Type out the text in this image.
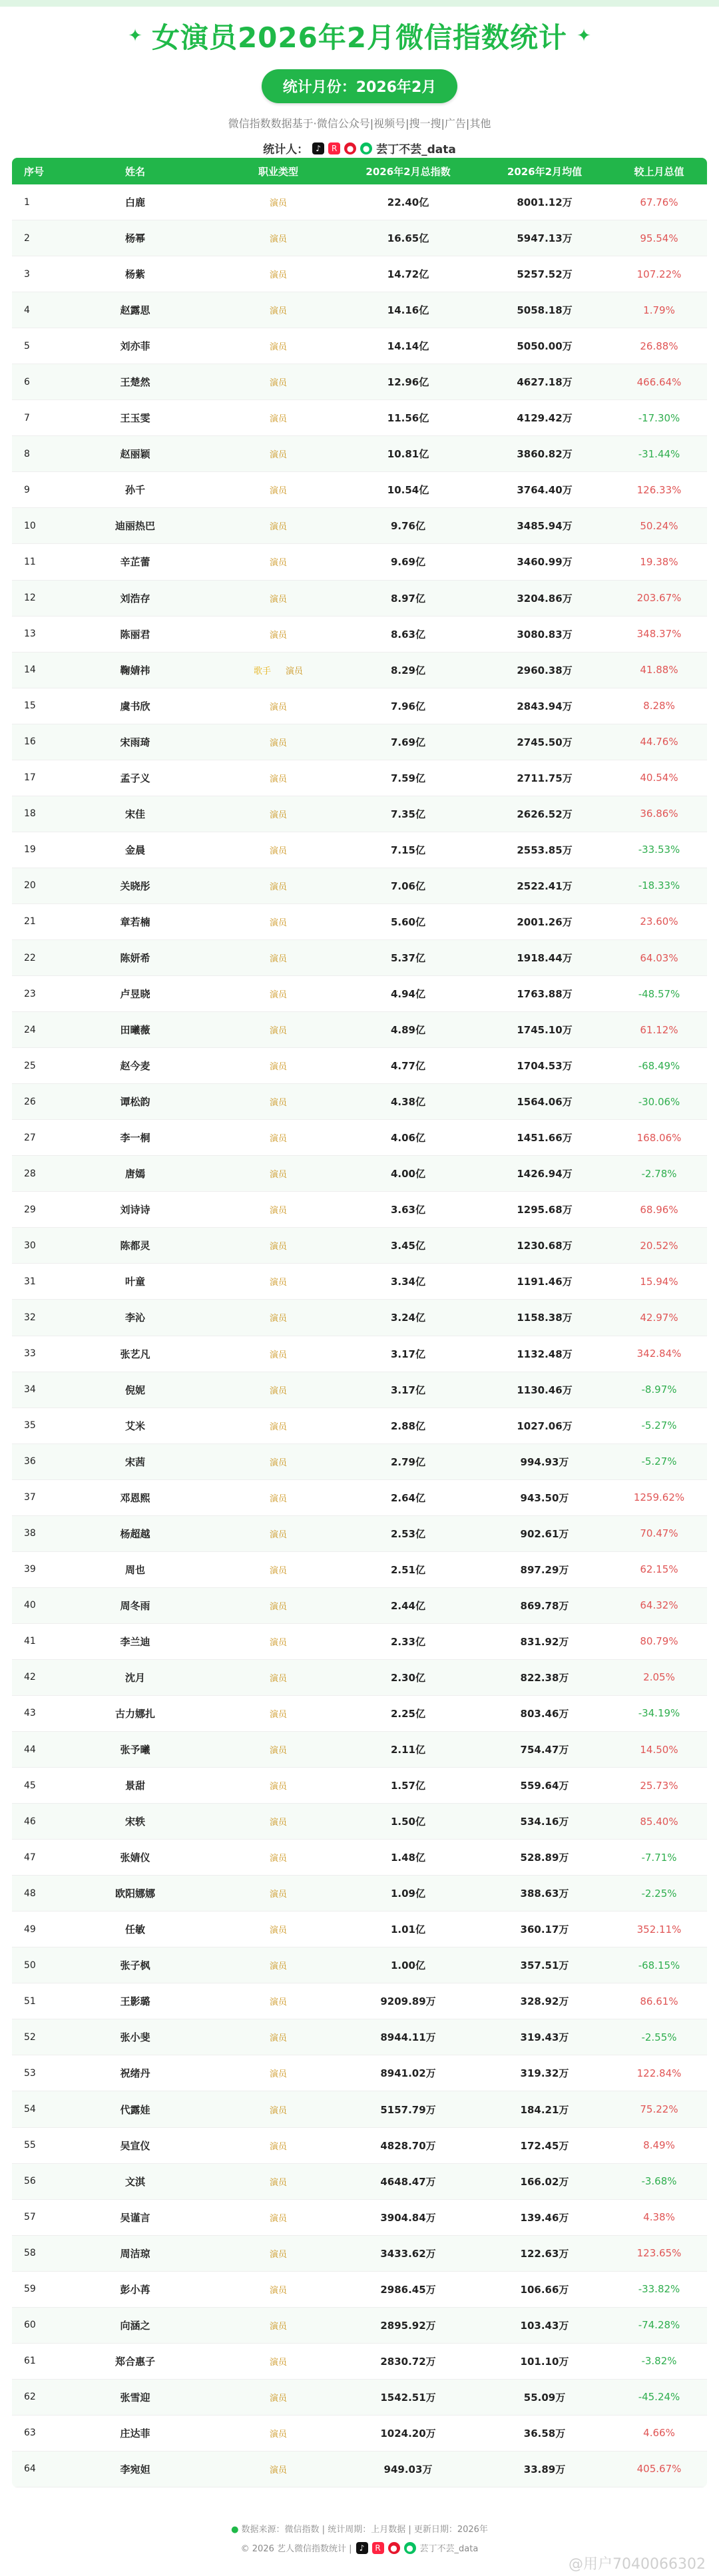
✦ 女演员2026年2月微信指数统计 ✦
统计月份：2026年2月
微信指数数据基于·微信公众号|视频号|搜一搜|广告|其他
统计人： ♪	R	●	● 芸丁不芸_data
序号	姓名	职业类型	2026年2月总指数	2026年2月均值	较上月总值
1	白鹿	演员	22.40亿	8001.12万	67.76%
2	杨幂	演员	16.65亿	5947.13万	95.54%
3	杨紫	演员	14.72亿	5257.52万	107.22%
4	赵露思	演员	14.16亿	5058.18万	1.79%
5	刘亦菲	演员	14.14亿	5050.00万	26.88%
6	王楚然	演员	12.96亿	4627.18万	466.64%
7	王玉雯	演员	11.56亿	4129.42万	-17.30%
8	赵丽颖	演员	10.81亿	3860.82万	-31.44%
9	孙千	演员	10.54亿	3764.40万	126.33%
10	迪丽热巴	演员	9.76亿	3485.94万	50.24%
11	辛芷蕾	演员	9.69亿	3460.99万	19.38%
12	刘浩存	演员	8.97亿	3204.86万	203.67%
13	陈丽君	演员	8.63亿	3080.83万	348.37%
14	鞠婧祎	歌手 演员	8.29亿	2960.38万	41.88%
15	虞书欣	演员	7.96亿	2843.94万	8.28%
16	宋雨琦	演员	7.69亿	2745.50万	44.76%
17	孟子义	演员	7.59亿	2711.75万	40.54%
18	宋佳	演员	7.35亿	2626.52万	36.86%
19	金晨	演员	7.15亿	2553.85万	-33.53%
20	关晓彤	演员	7.06亿	2522.41万	-18.33%
21	章若楠	演员	5.60亿	2001.26万	23.60%
22	陈妍希	演员	5.37亿	1918.44万	64.03%
23	卢昱晓	演员	4.94亿	1763.88万	-48.57%
24	田曦薇	演员	4.89亿	1745.10万	61.12%
25	赵今麦	演员	4.77亿	1704.53万	-68.49%
26	谭松韵	演员	4.38亿	1564.06万	-30.06%
27	李一桐	演员	4.06亿	1451.66万	168.06%
28	唐嫣	演员	4.00亿	1426.94万	-2.78%
29	刘诗诗	演员	3.63亿	1295.68万	68.96%
30	陈都灵	演员	3.45亿	1230.68万	20.52%
31	叶童	演员	3.34亿	1191.46万	15.94%
32	李沁	演员	3.24亿	1158.38万	42.97%
33	张艺凡	演员	3.17亿	1132.48万	342.84%
34	倪妮	演员	3.17亿	1130.46万	-8.97%
35	艾米	演员	2.88亿	1027.06万	-5.27%
36	宋茜	演员	2.79亿	994.93万	-5.27%
37	邓恩熙	演员	2.64亿	943.50万	1259.62%
38	杨超越	演员	2.53亿	902.61万	70.47%
39	周也	演员	2.51亿	897.29万	62.15%
40	周冬雨	演员	2.44亿	869.78万	64.32%
41	李兰迪	演员	2.33亿	831.92万	80.79%
42	沈月	演员	2.30亿	822.38万	2.05%
43	古力娜扎	演员	2.25亿	803.46万	-34.19%
44	张予曦	演员	2.11亿	754.47万	14.50%
45	景甜	演员	1.57亿	559.64万	25.73%
46	宋轶	演员	1.50亿	534.16万	85.40%
47	张婧仪	演员	1.48亿	528.89万	-7.71%
48	欧阳娜娜	演员	1.09亿	388.63万	-2.25%
49	任敏	演员	1.01亿	360.17万	352.11%
50	张子枫	演员	1.00亿	357.51万	-68.15%
51	王影璐	演员	9209.89万	328.92万	86.61%
52	张小斐	演员	8944.11万	319.43万	-2.55%
53	祝绪丹	演员	8941.02万	319.32万	122.84%
54	代露娃	演员	5157.79万	184.21万	75.22%
55	吴宣仪	演员	4828.70万	172.45万	8.49%
56	文淇	演员	4648.47万	166.02万	-3.68%
57	吴谨言	演员	3904.84万	139.46万	4.38%
58	周洁琼	演员	3433.62万	122.63万	123.65%
59	彭小苒	演员	2986.45万	106.66万	-33.82%
60	向涵之	演员	2895.92万	103.43万	-74.28%
61	郑合惠子	演员	2830.72万	101.10万	-3.82%
62	张雪迎	演员	1542.51万	55.09万	-45.24%
63	庄达菲	演员	1024.20万	36.58万	4.66%
64	李宛妲	演员	949.03万	33.89万	405.67%
● 数据来源：微信指数 | 统计周期：上月数据 | 更新日期：2026年
© 2026 艺人微信指数统计 | ♪	R	●	● 芸丁不芸_data
@用户7040066302
